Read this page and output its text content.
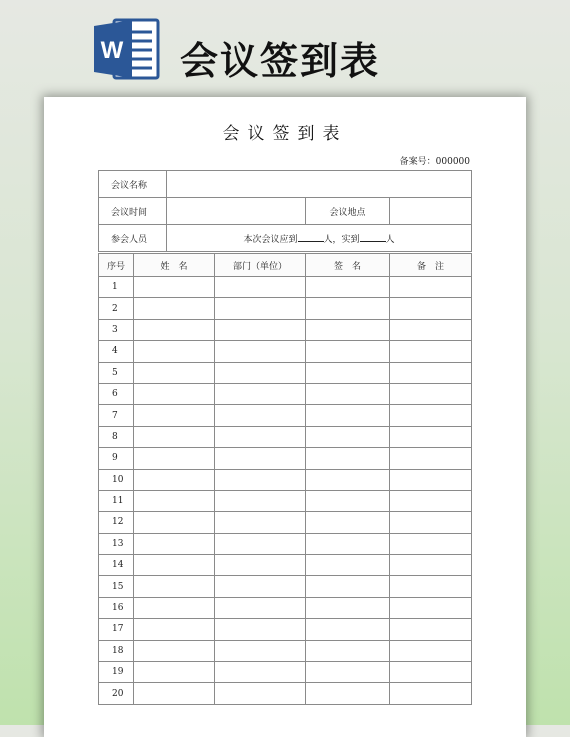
W 会议签到表
会议签到表
备案号：000000
会议名称			
会议时间		会议地点	
参会人员	本次会议应到 人，实到 人		
序号	姓　名	部门（单位）	签　名	备　注
1				
2				
3				
4				
5				
6				
7				
8				
9				
10				
11				
12				
13				
14				
15				
16				
17				
18				
19				
20				
